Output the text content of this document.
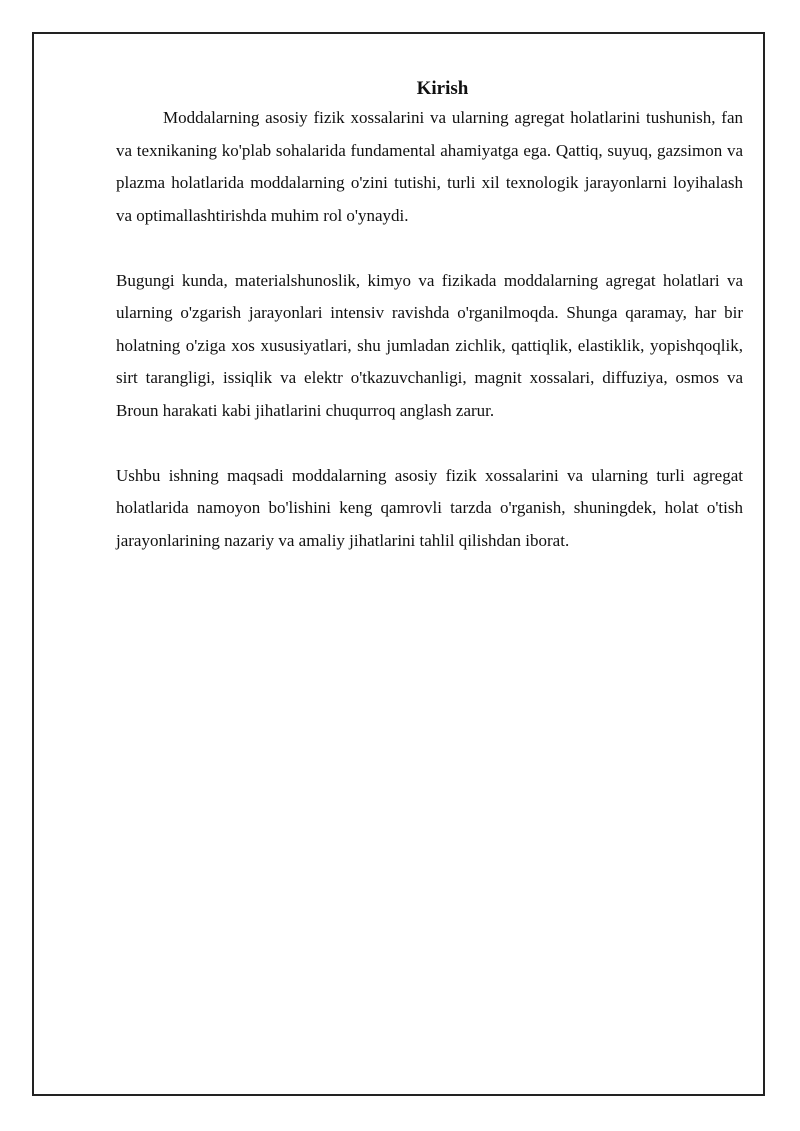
Kirish

Moddalarning asosiy fizik xossalarini va ularning agregat holatlarini tushunish, fan va texnikaning ko'plab sohalarida fundamental ahamiyatga ega. Qattiq, suyuq, gazsimon va plazma holatlarida moddalarning o'zini tutishi, turli xil texnologik jarayonlarni loyihalash va optimallashtirishda muhim rol o'ynaydi.

Bugungi kunda, materialshunoslik, kimyo va fizikada moddalarning agregat holatlari va ularning o'zgarish jarayonlari intensiv ravishda o'rganilmoqda. Shunga qaramay, har bir holatning o'ziga xos xususiyatlari, shu jumladan zichlik, qattiqlik, elastiklik, yopishqoqlik, sirt tarangligi, issiqlik va elektr o'tkazuvchanligi, magnit xossalari, diffuziya, osmos va Broun harakati kabi jihatlarini chuqurroq anglash zarur.

Ushbu ishning maqsadi moddalarning asosiy fizik xossalarini va ularning turli agregat holatlarida namoyon bo'lishini keng qamrovli tarzda o'rganish, shuningdek, holat o'tish jarayonlarining nazariy va amaliy jihatlarini tahlil qilishdan iborat.
